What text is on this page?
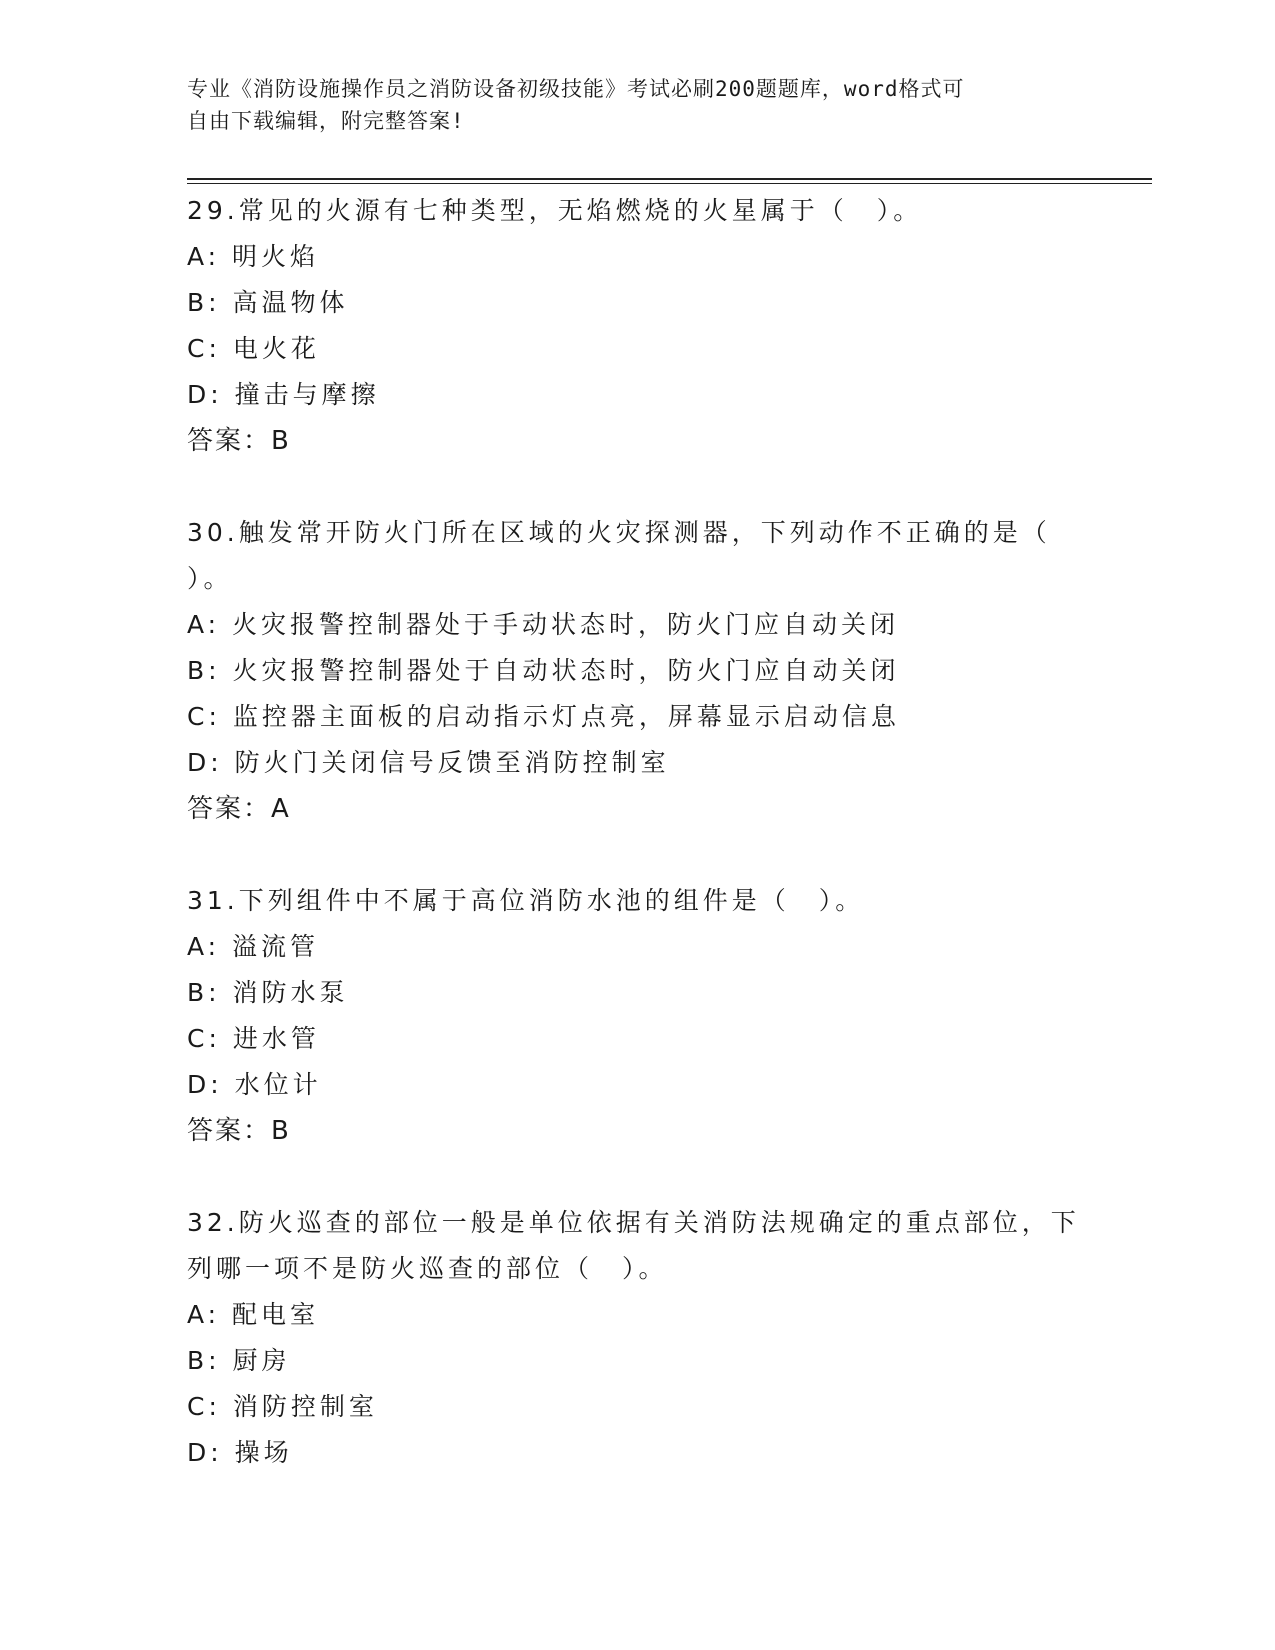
专业《消防设施操作员之消防设备初级技能》考试必刷200题题库，word格式可
自由下载编辑，附完整答案!
29.常见的火源有七种类型，无焰燃烧的火星属于（　）。
A: 明火焰
B: 高温物体
C: 电火花
D: 撞击与摩擦
答案：B
30.触发常开防火门所在区域的火灾探测器，下列动作不正确的是（
）。
A: 火灾报警控制器处于手动状态时，防火门应自动关闭
B: 火灾报警控制器处于自动状态时，防火门应自动关闭
C: 监控器主面板的启动指示灯点亮，屏幕显示启动信息
D: 防火门关闭信号反馈至消防控制室
答案：A
31.下列组件中不属于高位消防水池的组件是（　）。
A: 溢流管
B: 消防水泵
C: 进水管
D: 水位计
答案：B
32.防火巡查的部位一般是单位依据有关消防法规确定的重点部位，下
列哪一项不是防火巡查的部位（　）。
A: 配电室
B: 厨房
C: 消防控制室
D: 操场
